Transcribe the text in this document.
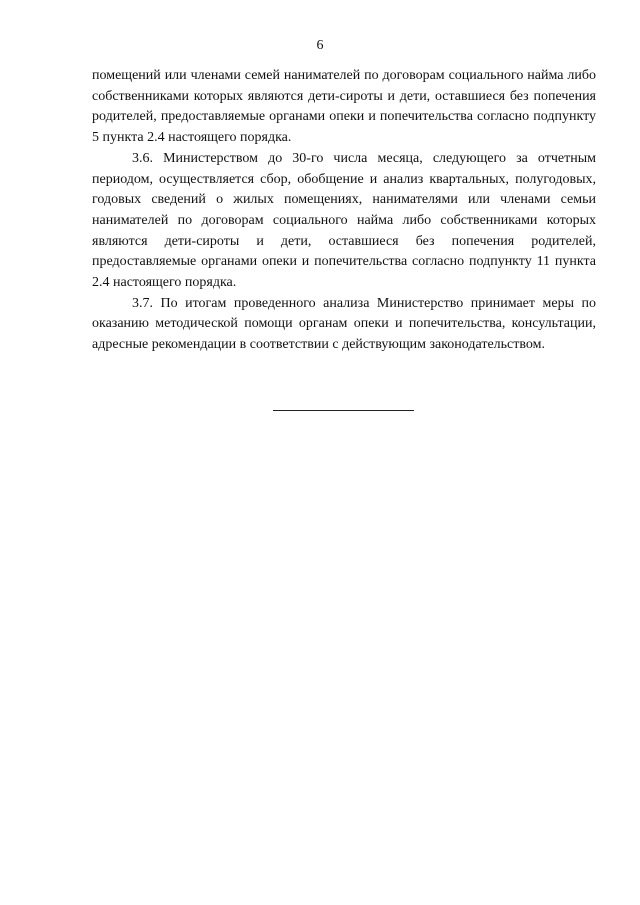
6

помещений или членами семей нанимателей по договорам социального найма либо собственниками которых являются дети-сироты и дети, оставшиеся без попечения родителей, предоставляемые органами опеки и попечительства согласно подпункту 5 пункта 2.4 настоящего порядка.

3.6. Министерством до 30-го числа месяца, следующего за отчетным периодом, осуществляется сбор, обобщение и анализ квартальных, полугодовых, годовых сведений о жилых помещениях, нанимателями или членами семьи нанимателей по договорам социального найма либо собственниками которых являются дети-сироты и дети, оставшиеся без попечения родителей, предоставляемые органами опеки и попечительства согласно подпункту 11 пункта 2.4 настоящего порядка.

3.7. По итогам проведенного анализа Министерство принимает меры по оказанию методической помощи органам опеки и попечительства, консультации, адресные рекомендации в соответствии с действующим законодательством.
